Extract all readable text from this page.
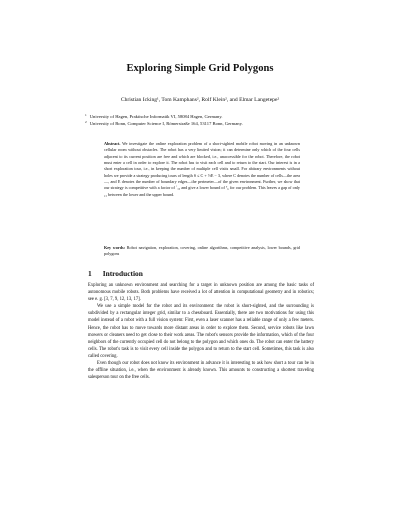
Exploring Simple Grid Polygons
Christian Icking¹, Tom Kamphans², Rolf Klein², and Elmar Langetepe²
$^1$ University of Hagen, Praktische Informatik VI, 58084 Hagen, Germany.
$^2$ University of Bonn, Computer Science I, Römerstraße 164, 53117 Bonn, Germany.
Abstract. We investigate the online exploration problem of a short-sighted mobile robot moving in an unknown cellular room without obstacles. The robot has a very limited vision; it can determine only which of the four cells adjacent to its current position are free and which are blocked, i.e., unaccessible for the robot. Therefore, the robot must enter a cell in order to explore it. The robot has to visit each cell and to return to the start. Our interest is in a short exploration tour, i.e., in keeping the number of multiple cell visits small. For abitrary environments without holes we provide a strategy producing tours of length S ≤ C + ½E − 3, where C denotes the number of cells—the area—, and E denotes the number of boundary edges—the perimeter—of the given environment. Further, we show that our strategy is competitive with a factor of ´₃₂ and give a lower bound of ⁷₆ for our problem. This leaves a gap of only ₁₃ between the lower and the upper bound.
Key words: Robot navigation, exploration, covering, online algorithms, competitive analysis, lower bounds, grid polygons
1 Introduction

Exploring an unknown environment and searching for a target in unknown position are among the basic tasks of autonomous mobile robots. Both problems have received a lot of attention in computational geometry and in robotics; see e. g. [3, 7, 9, 12, 13, 17].

We use a simple model for the robot and its environment: the robot is short-sighted, and the surrounding is subdivided by a rectangular integer grid, similar to a chessboard. Essentially, there are two motivations for using this model instead of a robot with a full vision system: First, even a laser scanner has a reliable range of only a few meters. Hence, the robot has to move towards more distant areas in order to explore them. Second, service robots like lawn mowers or cleaners need to get close to their work areas. The robot's sensors provide the information, which of the four neighbors of the currently occupied cell do not belong to the polygon and which ones do. The robot can enter the battery cells. The robot's task is to visit every cell inside the polygon and to return to the start cell. Sometimes, this task is also called covering.

Even though our robot does not know its environment in advance it is interesting to ask how short a tour can be in the offline situation, i.e., when the environment is already known. This amounts to constructing a shortest traveling salesperson tour on the free cells.
